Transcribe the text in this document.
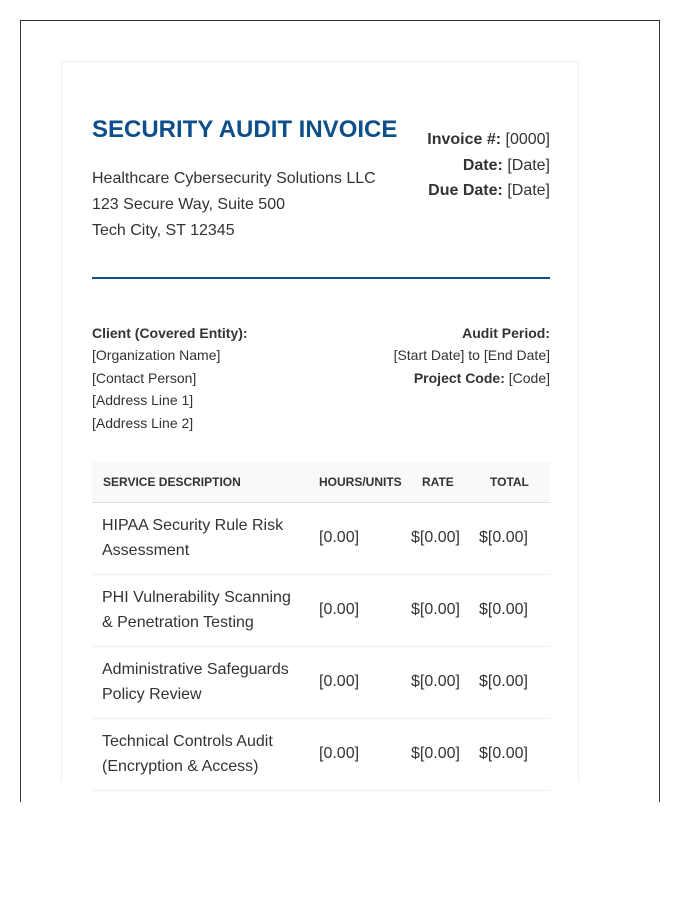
SECURITY AUDIT INVOICE
Healthcare Cybersecurity Solutions LLC
123 Secure Way, Suite 500
Tech City, ST 12345
Invoice #: [0000]
Date: [Date]
Due Date: [Date]
Client (Covered Entity):
[Organization Name]
[Contact Person]
[Address Line 1]
[Address Line 2]
Audit Period:
[Start Date] to [End Date]
Project Code: [Code]
SERVICE DESCRIPTION	HOURS/UNITS	RATE	TOTAL
HIPAA Security Rule Risk Assessment	[0.00]	$[0.00]	$[0.00]
PHI Vulnerability Scanning & Penetration Testing	[0.00]	$[0.00]	$[0.00]
Administrative Safeguards Policy Review	[0.00]	$[0.00]	$[0.00]
Technical Controls Audit (Encryption & Access)	[0.00]	$[0.00]	$[0.00]
